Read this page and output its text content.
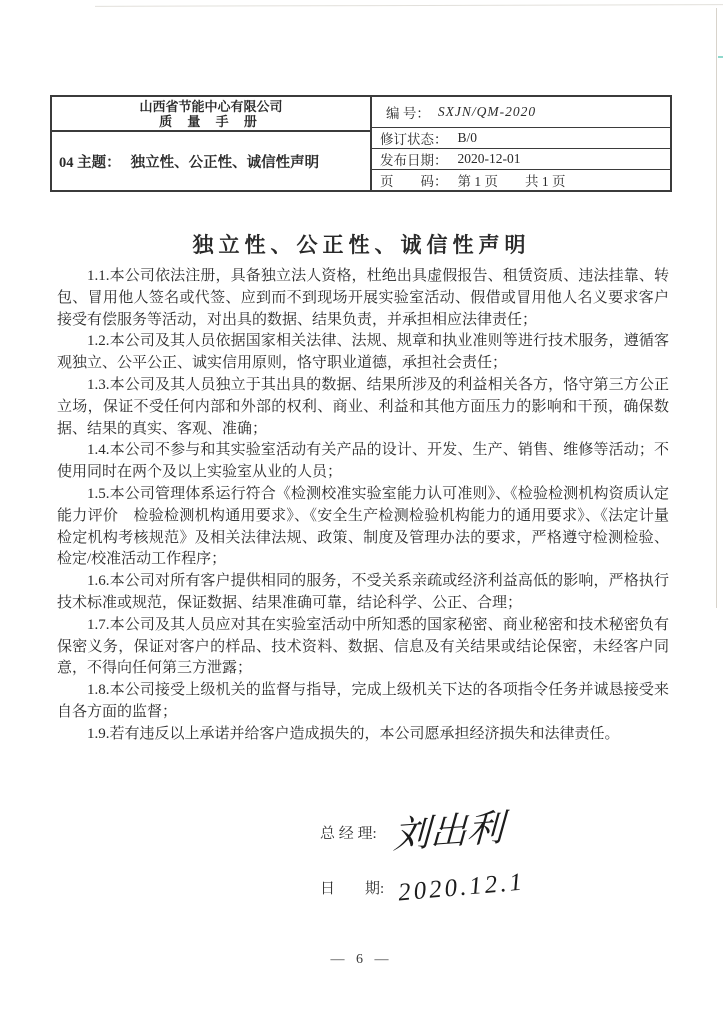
山西省节能中心有限公司
质 量 手 册
04 主题： 独立性、公正性、诚信性声明
编 号： SXJN/QM-2020
修订状态： B/0
发布日期： 2020-12-01
页　　码： 第 1 页　　共 1 页
独立性、公正性、诚信性声明

1.1.本公司依法注册，具备独立法人资格，杜绝出具虚假报告、租赁资质、违法挂靠、转包、冒用他人签名或代签、应到而不到现场开展实验室活动、假借或冒用他人名义要求客户接受有偿服务等活动，对出具的数据、结果负责，并承担相应法律责任；

1.2.本公司及其人员依据国家相关法律、法规、规章和执业准则等进行技术服务，遵循客观独立、公平公正、诚实信用原则，恪守职业道德，承担社会责任；

1.3.本公司及其人员独立于其出具的数据、结果所涉及的利益相关各方，恪守第三方公正立场，保证不受任何内部和外部的权利、商业、利益和其他方面压力的影响和干预，确保数据、结果的真实、客观、准确；

1.4.本公司不参与和其实验室活动有关产品的设计、开发、生产、销售、维修等活动；不使用同时在两个及以上实验室从业的人员；

1.5.本公司管理体系运行符合《检测校准实验室能力认可准则》、《检验检测机构资质认定能力评价　检验检测机构通用要求》、《安全生产检测检验机构能力的通用要求》、《法定计量检定机构考核规范》及相关法律法规、政策、制度及管理办法的要求，严格遵守检测检验、检定/校准活动工作程序；

1.6.本公司对所有客户提供相同的服务，不受关系亲疏或经济利益高低的影响，严格执行技术标准或规范，保证数据、结果准确可靠，结论科学、公正、合理；

1.7.本公司及其人员应对其在实验室活动中所知悉的国家秘密、商业秘密和技术秘密负有保密义务，保证对客户的样品、技术资料、数据、信息及有关结果或结论保密，未经客户同意，不得向任何第三方泄露；

1.8.本公司接受上级机关的监督与指导，完成上级机关下达的各项指令任务并诚恳接受来自各方面的监督；

1.9.若有违反以上承诺并给客户造成损失的，本公司愿承担经济损失和法律责任。

总 经 理: 刘出利
日　　期: 2020.12.1
— 6 —
